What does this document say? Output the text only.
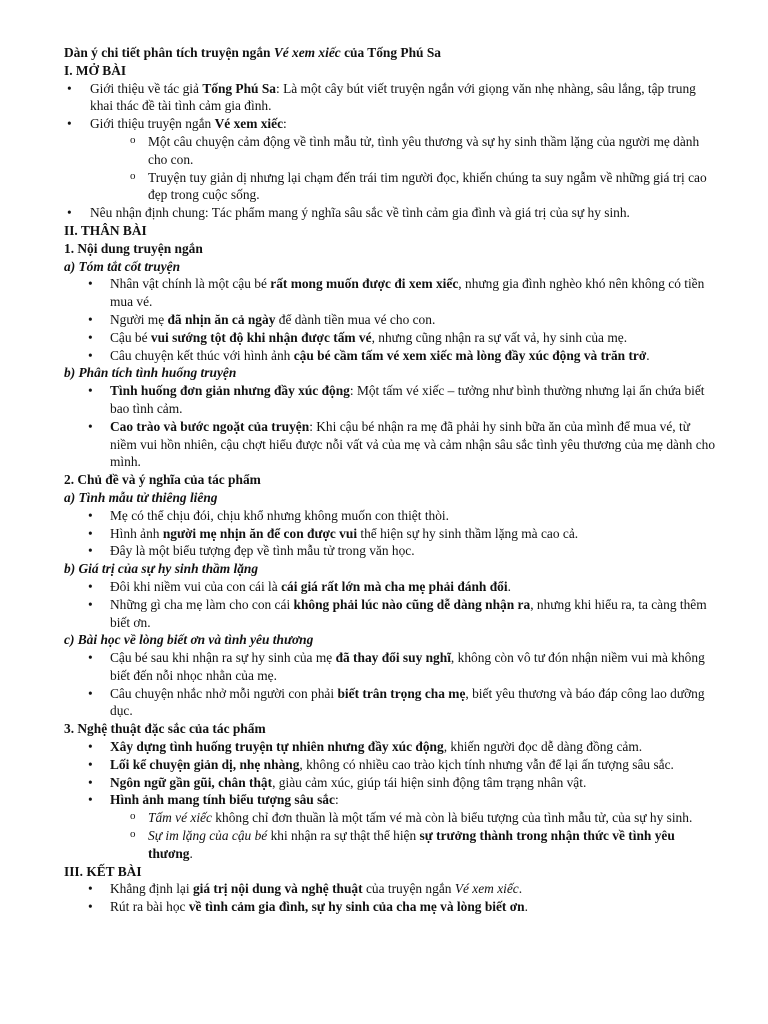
Dàn ý chi tiết phân tích truyện ngắn Vé xem xiếc của Tống Phú Sa

I. MỞ BÀI

• Giới thiệu về tác giả Tống Phú Sa: Là một cây bút viết truyện ngắn với giọng văn nhẹ nhàng, sâu lắng, tập trung khai thác đề tài tình cảm gia đình.
• Giới thiệu truyện ngắn Vé xem xiếc:
o Một câu chuyện cảm động về tình mẫu tử, tình yêu thương và sự hy sinh thầm lặng của người mẹ dành cho con.
o Truyện tuy giản dị nhưng lại chạm đến trái tim người đọc, khiến chúng ta suy ngẫm về những giá trị cao đẹp trong cuộc sống.
• Nêu nhận định chung: Tác phẩm mang ý nghĩa sâu sắc về tình cảm gia đình và giá trị của sự hy sinh.

II. THÂN BÀI

1. Nội dung truyện ngắn

a) Tóm tắt cốt truyện

• Nhân vật chính là một cậu bé rất mong muốn được đi xem xiếc, nhưng gia đình nghèo khó nên không có tiền mua vé.
• Người mẹ đã nhịn ăn cả ngày để dành tiền mua vé cho con.
• Cậu bé vui sướng tột độ khi nhận được tấm vé, nhưng cũng nhận ra sự vất vả, hy sinh của mẹ.
• Câu chuyện kết thúc với hình ảnh cậu bé cầm tấm vé xem xiếc mà lòng đầy xúc động và trăn trở.

b) Phân tích tình huống truyện

• Tình huống đơn giản nhưng đầy xúc động: Một tấm vé xiếc – tưởng như bình thường nhưng lại ẩn chứa biết bao tình cảm.
• Cao trào và bước ngoặt của truyện: Khi cậu bé nhận ra mẹ đã phải hy sinh bữa ăn của mình để mua vé, từ niềm vui hồn nhiên, cậu chợt hiểu được nỗi vất vả của mẹ và cảm nhận sâu sắc tình yêu thương của mẹ dành cho mình.

2. Chủ đề và ý nghĩa của tác phẩm

a) Tình mẫu tử thiêng liêng

• Mẹ có thể chịu đói, chịu khổ nhưng không muốn con thiệt thòi.
• Hình ảnh người mẹ nhịn ăn để con được vui thể hiện sự hy sinh thầm lặng mà cao cả.
• Đây là một biểu tượng đẹp về tình mẫu tử trong văn học.

b) Giá trị của sự hy sinh thầm lặng

• Đôi khi niềm vui của con cái là cái giá rất lớn mà cha mẹ phải đánh đổi.
• Những gì cha mẹ làm cho con cái không phải lúc nào cũng dễ dàng nhận ra, nhưng khi hiểu ra, ta càng thêm biết ơn.

c) Bài học về lòng biết ơn và tình yêu thương

• Cậu bé sau khi nhận ra sự hy sinh của mẹ đã thay đổi suy nghĩ, không còn vô tư đón nhận niềm vui mà không biết đến nỗi nhọc nhằn của mẹ.
• Câu chuyện nhắc nhở mỗi người con phải biết trân trọng cha mẹ, biết yêu thương và báo đáp công lao dưỡng dục.

3. Nghệ thuật đặc sắc của tác phẩm

• Xây dựng tình huống truyện tự nhiên nhưng đầy xúc động, khiến người đọc dễ dàng đồng cảm.
• Lối kể chuyện giản dị, nhẹ nhàng, không có nhiều cao trào kịch tính nhưng vẫn để lại ấn tượng sâu sắc.
• Ngôn ngữ gần gũi, chân thật, giàu cảm xúc, giúp tái hiện sinh động tâm trạng nhân vật.
• Hình ảnh mang tính biểu tượng sâu sắc:
o Tấm vé xiếc không chỉ đơn thuần là một tấm vé mà còn là biểu tượng của tình mẫu tử, của sự hy sinh.
o Sự im lặng của cậu bé khi nhận ra sự thật thể hiện sự trưởng thành trong nhận thức về tình yêu thương.

III. KẾT BÀI

• Khẳng định lại giá trị nội dung và nghệ thuật của truyện ngắn Vé xem xiếc.
• Rút ra bài học về tình cảm gia đình, sự hy sinh của cha mẹ và lòng biết ơn.
